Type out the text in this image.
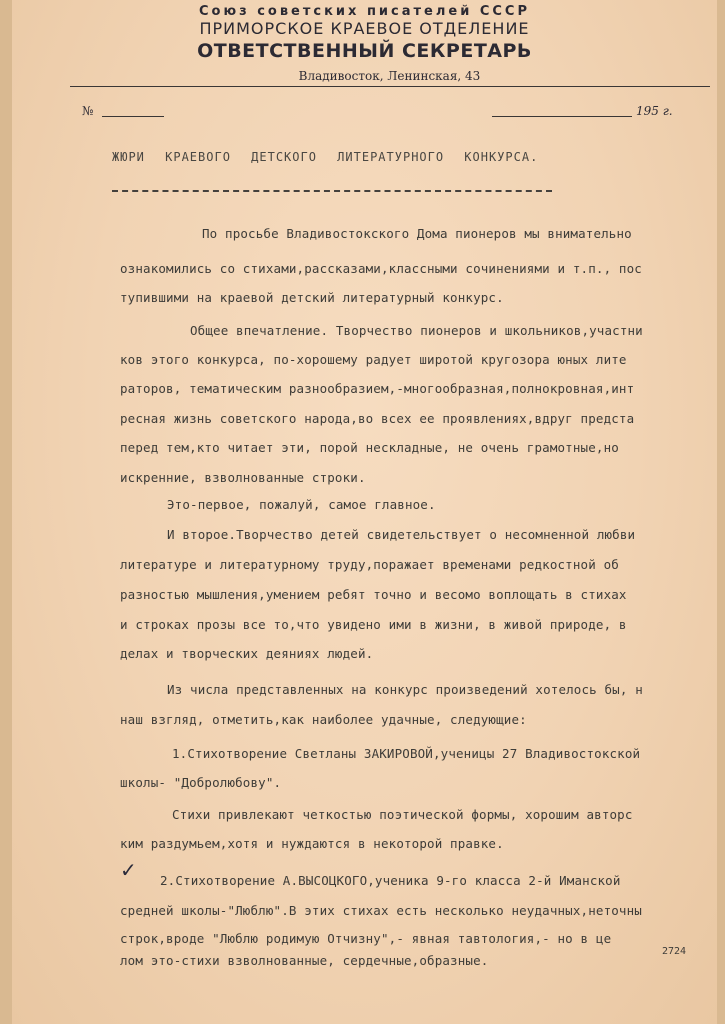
Союз советских писателей СССР
ПРИМОРСКОЕ КРАЕВОЕ ОТДЕЛЕНИЕ
ОТВЕТСТВЕННЫЙ СЕКРЕТАРЬ
Владивосток, Ленинская, 43
№	195 г.
ЖЮРИ КРАЕВОГО ДЕТСКОГО ЛИТЕРАТУРНОГО КОНКУРСА.
По просьбе Владивостокского Дома пионеров мы внимательно
ознакомились со стихами,рассказами,классными сочинениями и т.п., пос
тупившими на краевой детский литературный конкурс.
Общее впечатление. Творчество пионеров и школьников,участни
ков этого конкурса, по-хорошему радует широтой кругозора юных лите
раторов, тематическим разнообразием,-многообразная,полнокровная,инт
ресная жизнь советского народа,во всех ее проявлениях,вдруг предста
перед тем,кто читает эти, порой нескладные, не очень грамотные,но
искренние, взволнованные строки.
Это-первое, пожалуй, самое главное.
И второе.Творчество детей свидетельствует о несомненной любви
литературе и литературному труду,поражает временами редкостной об
разностью мышления,умением ребят точно и весомо воплощать в стихах
и строках прозы все то,что увидено ими в жизни, в живой природе, в
делах и творческих деяниях людей.
Из числа представленных на конкурс произведений хотелось бы, н
наш взгляд, отметить,как наиболее удачные, следующие:
1.Стихотворение Светланы ЗАКИРОВОЙ,ученицы 27 Владивостокской
школы- "Добролюбову".
Стихи привлекают четкостью поэтической формы, хорошим авторс
ким раздумьем,хотя и нуждаются в некоторой правке.
2.Стихотворение А.ВЫСОЦКОГО,ученика 9-го класса 2-й Иманской
средней школы-"Люблю".В этих стихах есть несколько неудачных,неточны
строк,вроде "Люблю родимую Отчизну",- явная тавтология,- но в це
лом это-стихи взволнованные, сердечные,образные.
✓
2724
